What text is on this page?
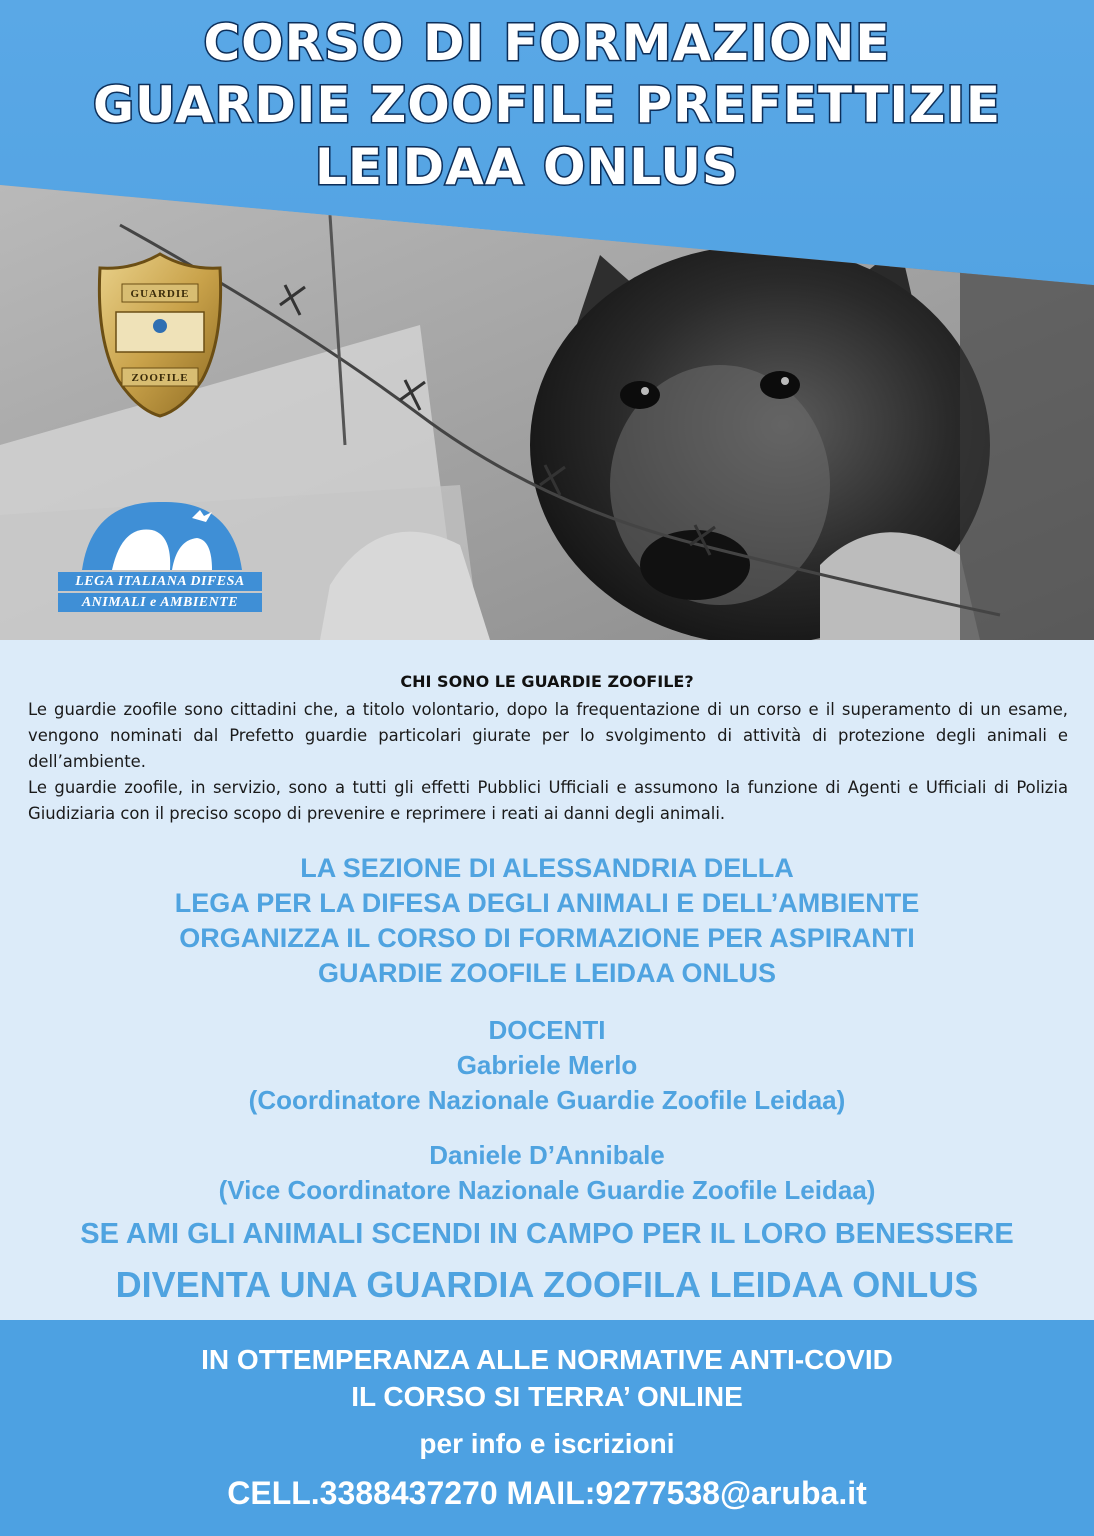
CORSO DI FORMAZIONE
GUARDIE ZOOFILE PREFETTIZIE
LEIDAA ONLUS
GUARDIE
ZOOFILE
LEGA ITALIANA DIFESA
ANIMALI e AMBIENTE
CHI SONO LE GUARDIE ZOOFILE?
Le guardie zoofile sono cittadini che, a titolo volontario, dopo la frequentazione di un corso e il superamento di un esame, vengono nominati dal Prefetto guardie particolari giurate per lo svolgimento di attività di protezione degli animali e dell’ambiente.
Le guardie zoofile, in servizio, sono a tutti gli effetti Pubblici Ufficiali e assumono la funzione di Agenti e Ufficiali di Polizia Giudiziaria con il preciso scopo di prevenire e reprimere i reati ai danni degli animali.
LA SEZIONE DI ALESSANDRIA DELLA
LEGA PER LA DIFESA DEGLI ANIMALI E DELL’AMBIENTE
ORGANIZZA IL CORSO DI FORMAZIONE PER ASPIRANTI
GUARDIE ZOOFILE LEIDAA ONLUS
DOCENTI
Gabriele Merlo
(Coordinatore Nazionale Guardie Zoofile Leidaa)
Daniele D’Annibale
(Vice Coordinatore Nazionale Guardie Zoofile Leidaa)
SE AMI GLI ANIMALI SCENDI IN CAMPO PER IL LORO BENESSERE
DIVENTA UNA GUARDIA ZOOFILA LEIDAA ONLUS
IN OTTEMPERANZA ALLE NORMATIVE ANTI-COVID
IL CORSO SI TERRA’ ONLINE
per info e iscrizioni
CELL.3388437270 MAIL:9277538@aruba.it
